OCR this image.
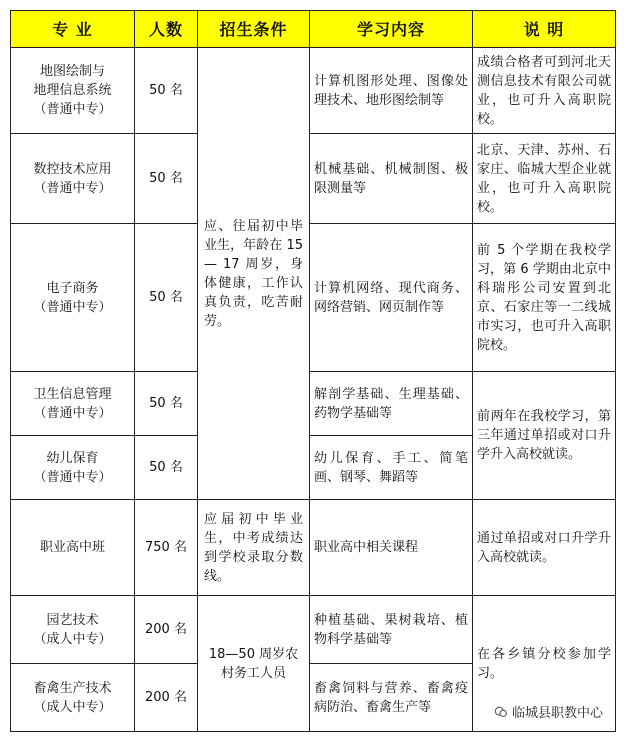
专 业	人数	招生条件	学习内容	说 明

地图绘制与
地理信息系统
（普通中专）	50 名	应、往届初中毕业生，年龄在 15 — 17 周岁，身体健康，工作认真负责，吃苦耐劳。	计算机图形处理、图像处理技术、地形图绘制等	成绩合格者可到河北天测信息技术有限公司就业，也可升入高职院校。

数控技术应用
（普通中专）	50 名		机械基础、机械制图、极限测量等	北京、天津、苏州、石家庄、临城大型企业就业，也可升入高职院校。

电子商务
（普通中专）	50 名		计算机网络、现代商务、网络营销、网页制作等	前 5 个学期在我校学习，第 6 学期由北京中科瑞彤公司安置到北京、石家庄等一二线城市实习，也可升入高职院校。

卫生信息管理
（普通中专）	50 名		解剖学基础、生理基础、药物学基础等	前两年在我校学习，第三年通过单招或对口升学升入高校就读。

幼儿保育
（普通中专）	50 名		幼儿保育、手工、简笔画、钢琴、舞蹈等	

职业高中班	750 名	应届初中毕业生，中考成绩达到学校录取分数线。	职业高中相关课程	通过单招或对口升学升入高校就读。

园艺技术
（成人中专）	200 名	18—50 周岁农村务工人员	种植基础、果树栽培、植物科学基础等	在各乡镇分校参加学习。

畜禽生产技术
（成人中专）	200 名		畜禽饲料与营养、畜禽疫病防治、畜禽生产等		临城县职教中心
